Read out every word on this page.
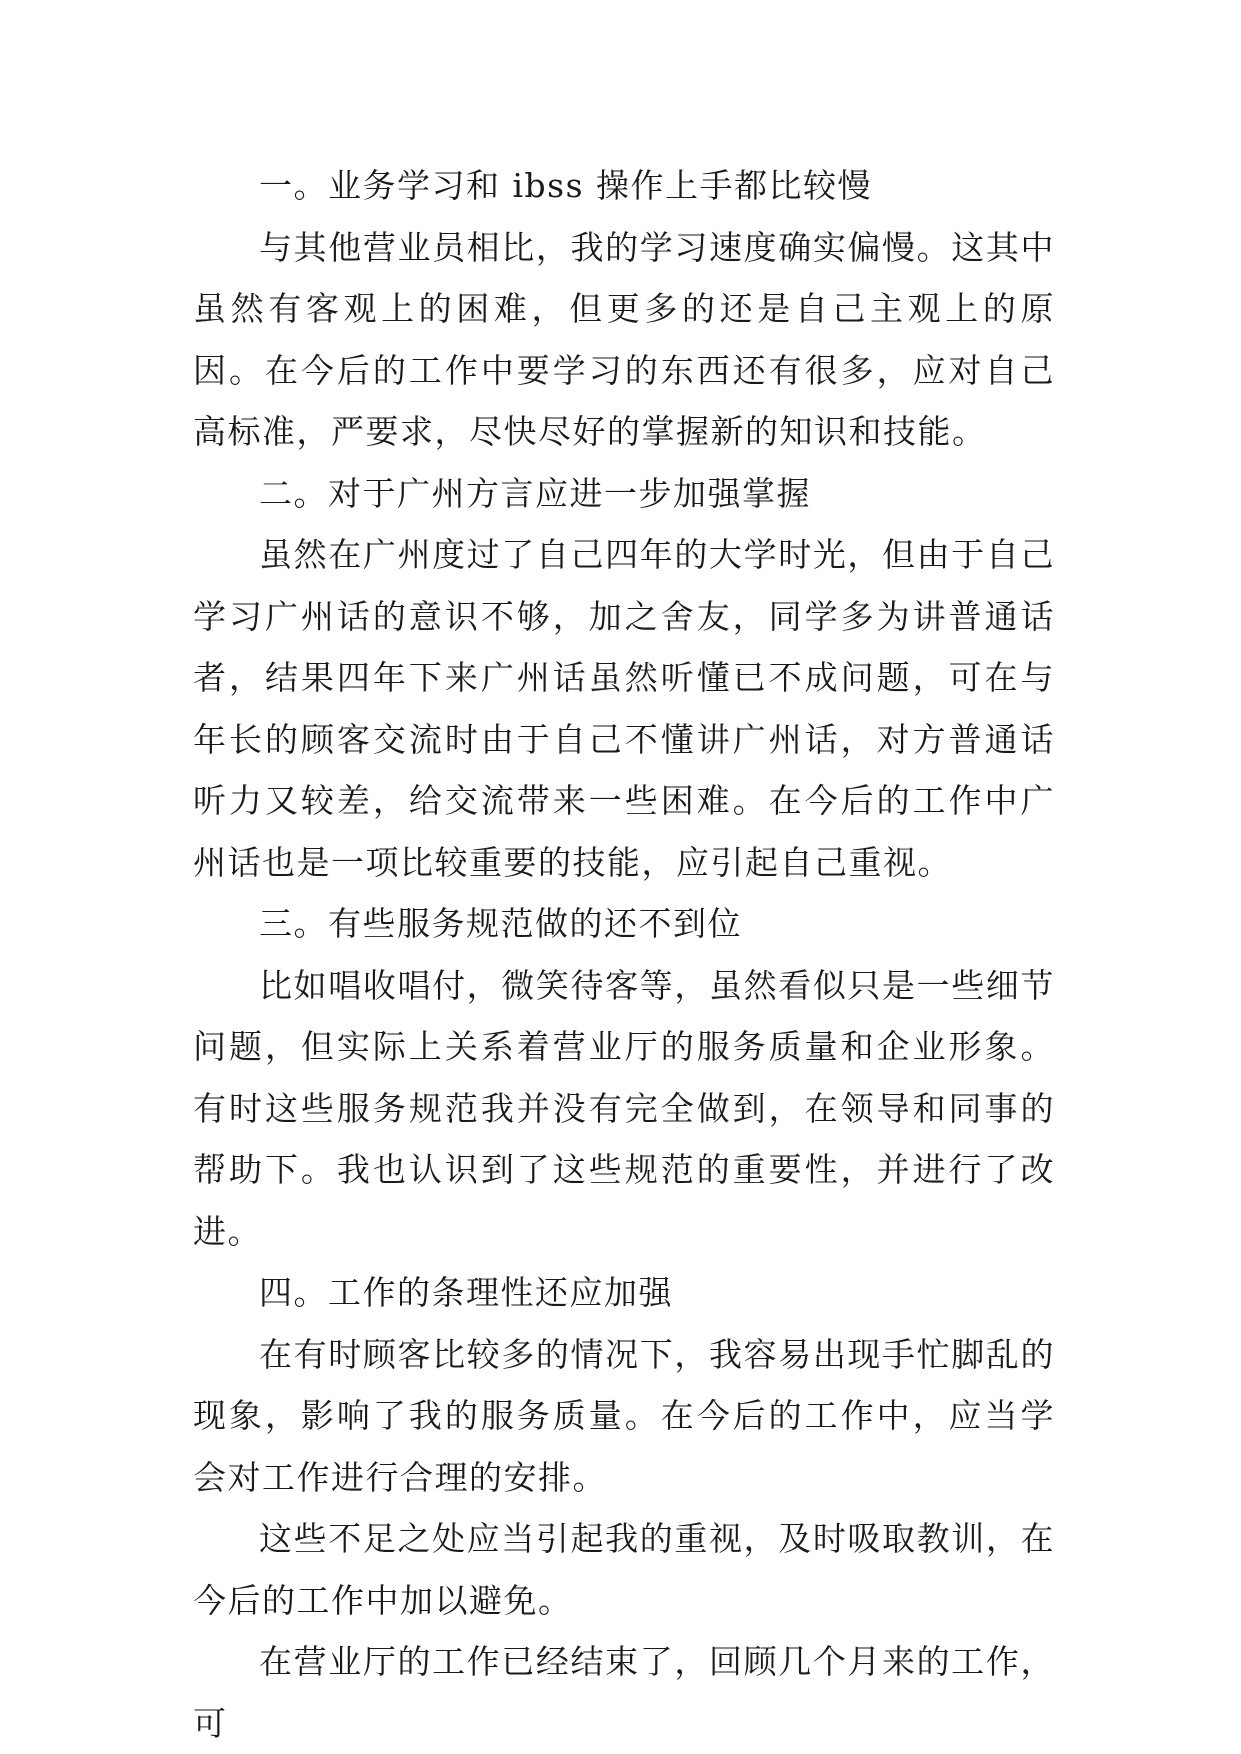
一。业务学习和 ibss 操作上手都比较慢

与其他营业员相比，我的学习速度确实偏慢。这其中虽然有客观上的困难，但更多的还是自己主观上的原因。在今后的工作中要学习的东西还有很多，应对自己高标准，严要求，尽快尽好的掌握新的知识和技能。

二。对于广州方言应进一步加强掌握

虽然在广州度过了自己四年的大学时光，但由于自己学习广州话的意识不够，加之舍友，同学多为讲普通话者，结果四年下来广州话虽然听懂已不成问题，可在与年长的顾客交流时由于自己不懂讲广州话，对方普通话听力又较差，给交流带来一些困难。在今后的工作中广州话也是一项比较重要的技能，应引起自己重视。

三。有些服务规范做的还不到位

比如唱收唱付，微笑待客等，虽然看似只是一些细节问题，但实际上关系着营业厅的服务质量和企业形象。有时这些服务规范我并没有完全做到，在领导和同事的帮助下。我也认识到了这些规范的重要性，并进行了改进。

四。工作的条理性还应加强

在有时顾客比较多的情况下，我容易出现手忙脚乱的现象，影响了我的服务质量。在今后的工作中，应当学会对工作进行合理的安排。

这些不足之处应当引起我的重视，及时吸取教训，在今后的工作中加以避免。

在营业厅的工作已经结束了，回顾几个月来的工作，可
